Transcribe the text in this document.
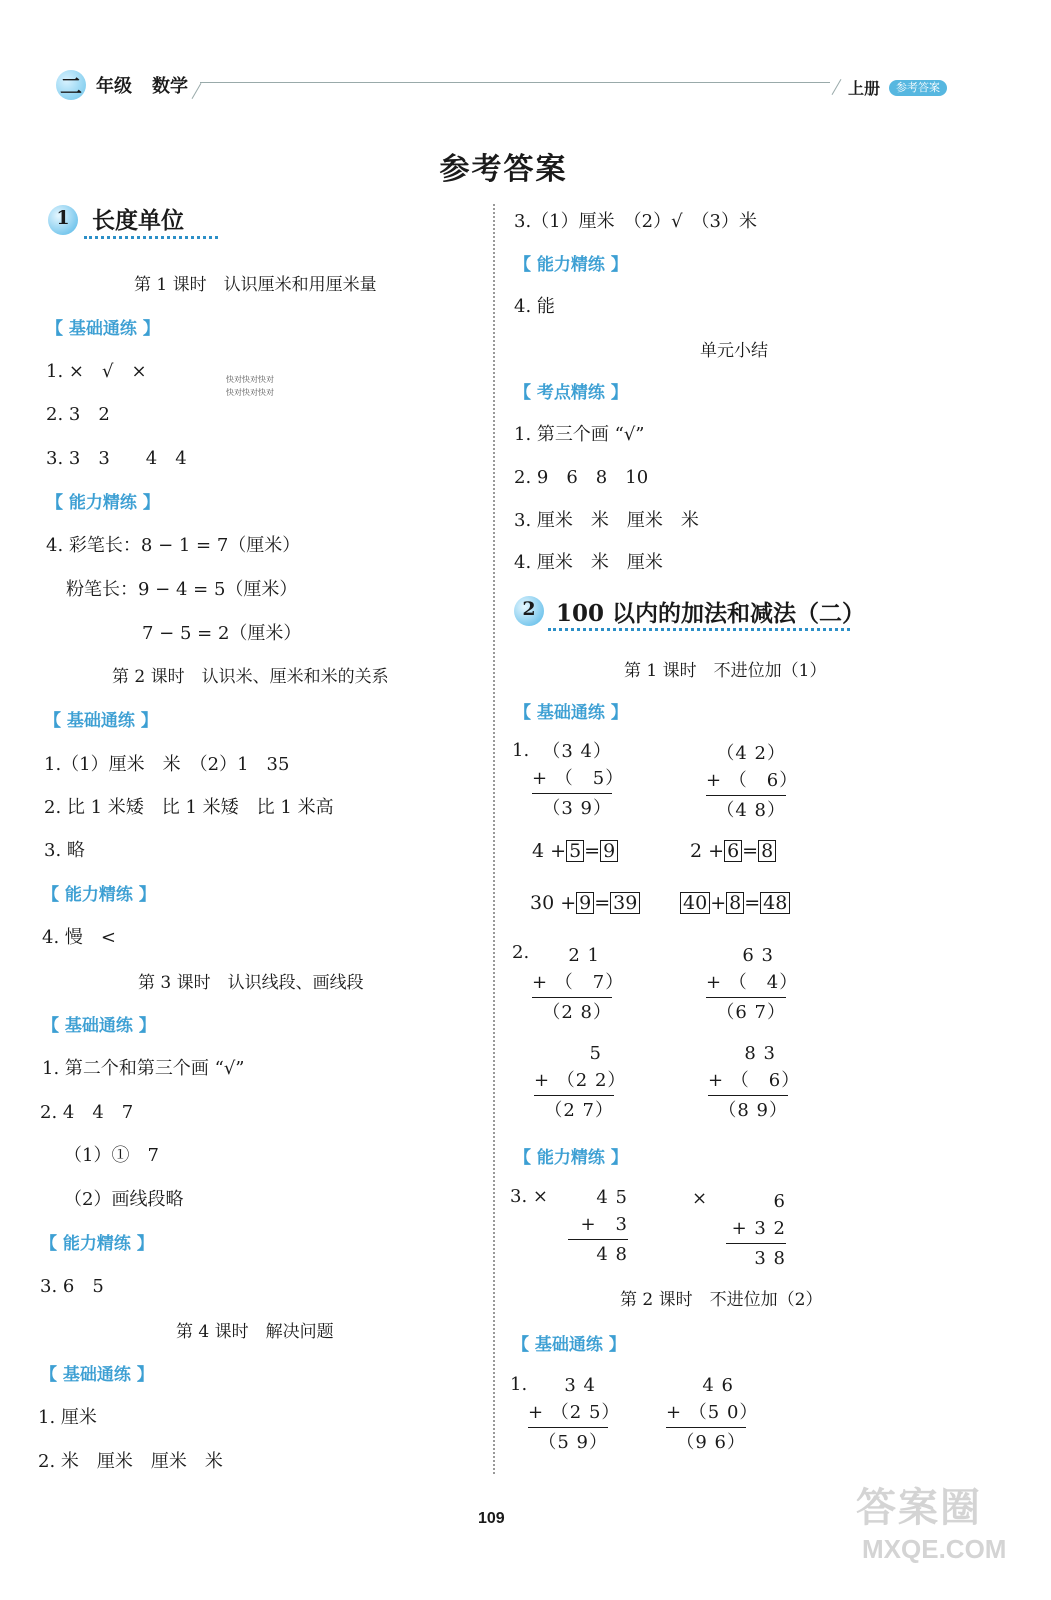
二 年级 数学	上册	参考答案
参考答案
1 长度单位
第 1 课时　认识厘米和用厘米量
【 基础通练 】
1. ×　√　×	快对快对快对
快对快对快对
2. 3　2
3. 3　3　　4　4
【 能力精练 】
4. 彩笔长：8 − 1 = 7（厘米）
粉笔长：9 − 4 = 5（厘米）
7 − 5 = 2（厘米）
第 2 课时　认识米、厘米和米的关系
【 基础通练 】
1.（1）厘米　米　（2）1　35
2. 比 1 米矮　比 1 米矮　比 1 米高
3. 略
【 能力精练 】
4. 慢　<
第 3 课时　认识线段、画线段
【 基础通练 】
1. 第二个和第三个画 “√”
2. 4　4　7
（1）①　7
（2）画线段略
【 能力精练 】
3. 6　5
第 4 课时　解决问题
【 基础通练 】
1. 厘米
2. 米　厘米　厘米　米
3.（1）厘米　（2）√　（3）米
【 能力精练 】
4. 能
单元小结
【 考点精练 】
1. 第三个画 “√”
2. 9　6　8　10
3. 厘米　米　厘米　米
4. 厘米　米　厘米
2 100 以内的加法和减法（二）
第 1 课时　不进位加（1）
【 基础通练 】
1. （3 4）
+ （　5）
（3 9）
（4 2）
+ （　6）
（4 8）
4 + 5 = 9	2 + 6 = 8
30 + 9 = 39 40 + 8 = 48
2.	2 1
+ （　7）
（2 8）
6 3
+ （　4）
（6 7）
5
+ （2 2）
（2 7）
8 3
+ （　6）
（8 9）
【 能力精练 】
3. ×	4 5
+　3
4 8
×	6
+ 3 2
3 8
第 2 课时　不进位加（2）
【 基础通练 】
1.	3 4
+ （2 5）
（5 9）
4 6
+ （5 0）
（9 6）
109	答案圈
MXQE.COM
